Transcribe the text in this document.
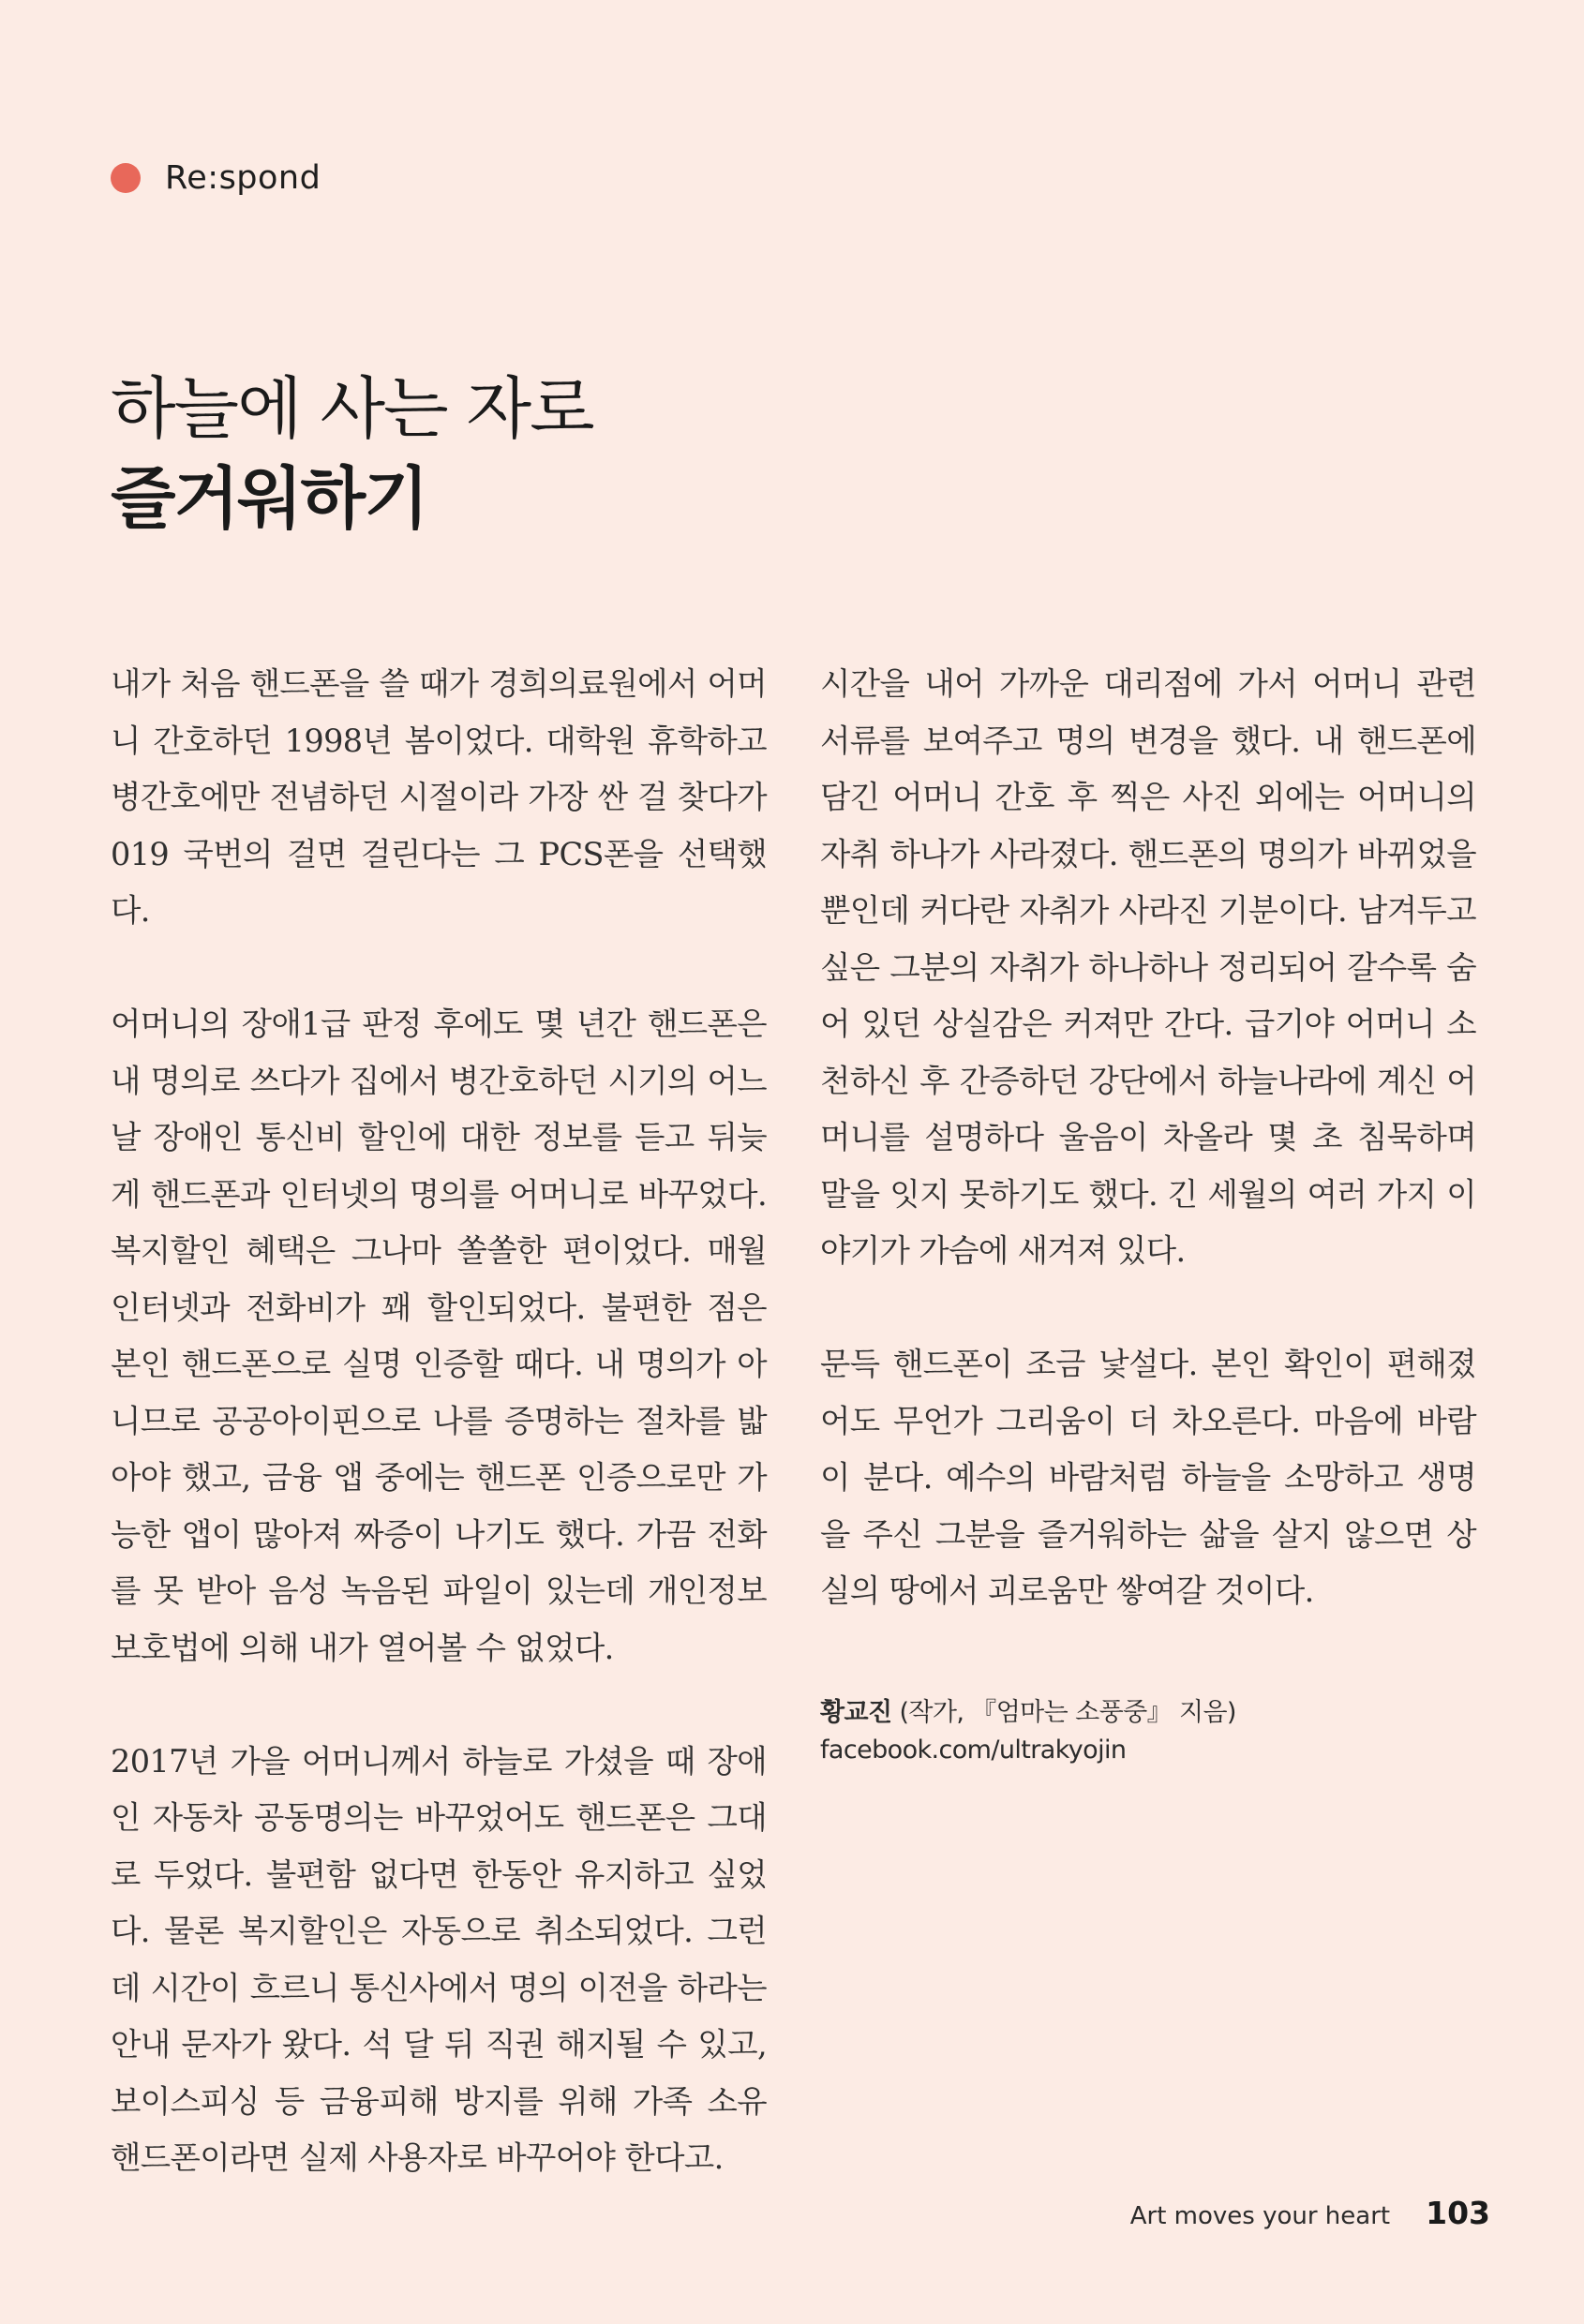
Re:spond
하늘에 사는 자로
즐거워하기

내가 처음 핸드폰을 쓸 때가 경희의료원에서 어머니 간호하던 1998년 봄이었다. 대학원 휴학하고 병간호에만 전념하던 시절이라 가장 싼 걸 찾다가 019 국번의 걸면 걸린다는 그 PCS폰을 선택했다.

어머니의 장애1급 판정 후에도 몇 년간 핸드폰은 내 명의로 쓰다가 집에서 병간호하던 시기의 어느 날 장애인 통신비 할인에 대한 정보를 듣고 뒤늦게 핸드폰과 인터넷의 명의를 어머니로 바꾸었다. 복지할인 혜택은 그나마 쏠쏠한 편이었다. 매월 인터넷과 전화비가 꽤 할인되었다. 불편한 점은 본인 핸드폰으로 실명 인증할 때다. 내 명의가 아니므로 공공아이핀으로 나를 증명하는 절차를 밟아야 했고, 금융 앱 중에는 핸드폰 인증으로만 가능한 앱이 많아져 짜증이 나기도 했다. 가끔 전화를 못 받아 음성 녹음된 파일이 있는데 개인정보 보호법에 의해 내가 열어볼 수 없었다.

2017년 가을 어머니께서 하늘로 가셨을 때 장애인 자동차 공동명의는 바꾸었어도 핸드폰은 그대로 두었다. 불편함 없다면 한동안 유지하고 싶었다. 물론 복지할인은 자동으로 취소되었다. 그런데 시간이 흐르니 통신사에서 명의 이전을 하라는 안내 문자가 왔다. 석 달 뒤 직권 해지될 수 있고, 보이스피싱 등 금융피해 방지를 위해 가족 소유 핸드폰이라면 실제 사용자로 바꾸어야 한다고.

시간을 내어 가까운 대리점에 가서 어머니 관련 서류를 보여주고 명의 변경을 했다. 내 핸드폰에 담긴 어머니 간호 후 찍은 사진 외에는 어머니의 자취 하나가 사라졌다. 핸드폰의 명의가 바뀌었을 뿐인데 커다란 자취가 사라진 기분이다. 남겨두고 싶은 그분의 자취가 하나하나 정리되어 갈수록 숨어 있던 상실감은 커져만 간다. 급기야 어머니 소천하신 후 간증하던 강단에서 하늘나라에 계신 어머니를 설명하다 울음이 차올라 몇 초 침묵하며 말을 잇지 못하기도 했다. 긴 세월의 여러 가지 이야기가 가슴에 새겨져 있다.

문득 핸드폰이 조금 낯설다. 본인 확인이 편해졌어도 무언가 그리움이 더 차오른다. 마음에 바람이 분다. 예수의 바람처럼 하늘을 소망하고 생명을 주신 그분을 즐거워하는 삶을 살지 않으면 상실의 땅에서 괴로움만 쌓여갈 것이다.

황교진 (작가, 『엄마는 소풍중』 지음)
facebook.com/ultrakyojin
Art moves your heart 103
